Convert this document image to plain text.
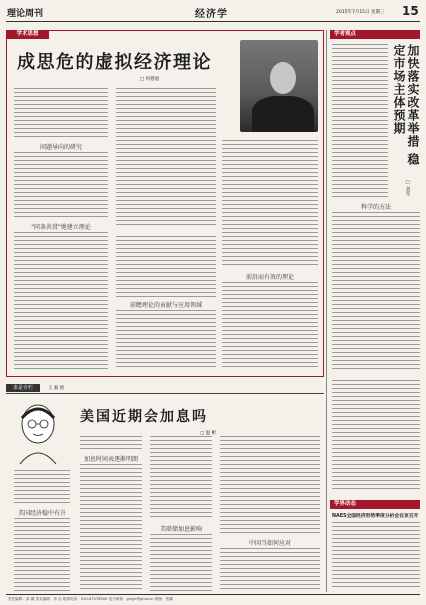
理论周刊	经济学	2015年7月15日 星期三 15
学术思想
成思危的虚拟经济理论
□ 何德旭
问题导向的研究
"同条共贯"地建立理论
前瞻理论的贡献与应用领域
前沿而有效的理论
学者观点
加快落实改革举措 稳定市场主体预期
□ 刘雯
科学的方法
求是专栏	王 毅 绘
美国近期会加息吗
□ 温 彬
美国经济稳中有升
加息时间表逐渐明朗
美联储加息影响
中国当如何应对
学界动态
NAES全国经济形势季度分析会在京召开
责任编辑：薛 鹏 美术编辑：李 洁 联系电话：010-67078500 电子邮箱：gmjjx@gmw.cn 排版：张鹏
